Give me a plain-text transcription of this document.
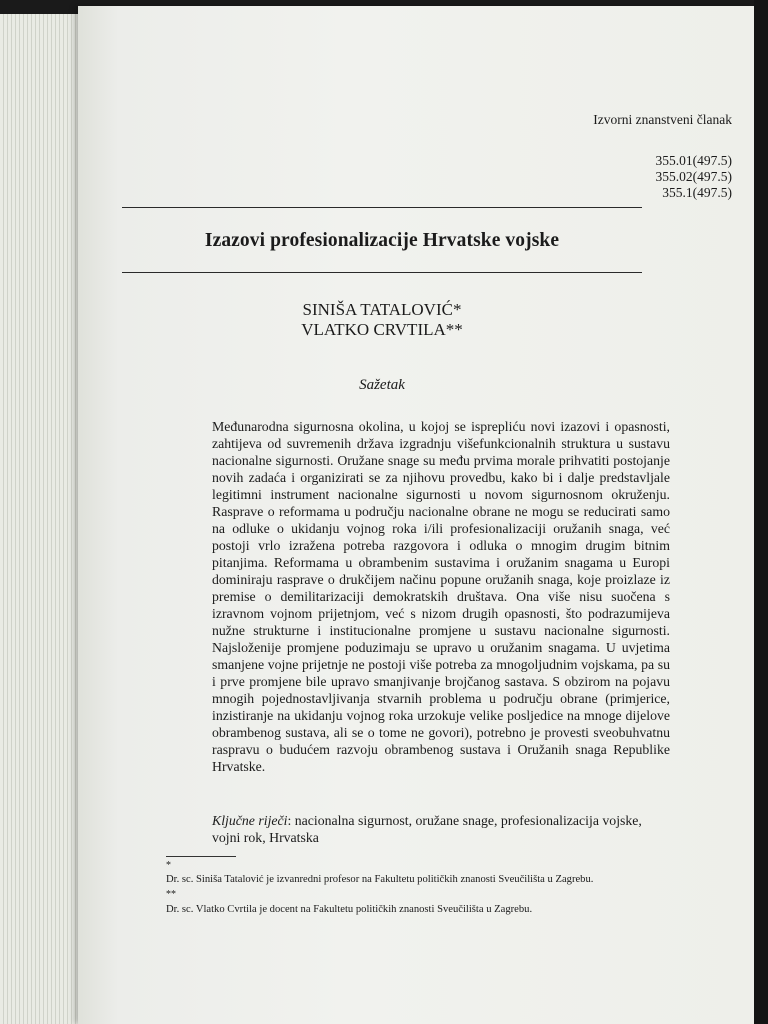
Izvorni znanstveni članak
355.01(497.5)
355.02(497.5)
355.1(497.5)
Izazovi profesionalizacije Hrvatske vojske
SINIŠA TATALOVIĆ*
VLATKO CRVTILA**
Sažetak

Međunarodna sigurnosna okolina, u kojoj se isprepliću novi izazovi i opasnosti, zahtijeva od suvremenih država izgradnju višefunkcionalnih struktura u sustavu nacionalne sigurnosti. Oružane snage su među prvima morale prihvatiti postojanje novih zadaća i organizirati se za njihovu provedbu, kako bi i dalje predstavljale legitimni instrument nacionalne sigurnosti u novom sigurnosnom okruženju. Rasprave o reformama u području nacionalne obrane ne mogu se reducirati samo na odluke o ukidanju vojnog roka i/ili profesionalizaciji oružanih snaga, već postoji vrlo izražena potreba razgovora i odluka o mnogim drugim bitnim pitanjima. Reformama u obrambenim sustavima i oružanim snagama u Europi dominiraju rasprave o drukčijem načinu popune oružanih snaga, koje proizlaze iz premise o demilitarizaciji demokratskih društava. Ona više nisu suočena s izravnom vojnom prijetnjom, već s nizom drugih opasnosti, što podrazumijeva nužne strukturne i institucionalne promjene u sustavu nacionalne sigurnosti. Najsloženije promjene poduzimaju se upravo u oružanim snagama. U uvjetima smanjene vojne prijetnje ne postoji više potreba za mnogoljudnim vojskama, pa su i prve promjene bile upravo smanjivanje brojčanog sastava. S obzirom na pojavu mnogih pojednostavljivanja stvarnih problema u području obrane (primjerice, inzistiranje na ukidanju vojnog roka urzokuje velike posljedice na mnoge dijelove obrambenog sustava, ali se o tome ne govori), potrebno je provesti sveobuhvatnu raspravu o budućem razvoju obrambenog sustava i Oružanih snaga Republike Hrvatske.

Ključne riječi: nacionalna sigurnost, oružane snage, profesionalizacija vojske, vojni rok, Hrvatska

*
Dr. sc. Siniša Tatalović je izvanredni profesor na Fakultetu političkih znanosti Sveučilišta u Zagrebu.
**
Dr. sc. Vlatko Cvrtila je docent na Fakultetu političkih znanosti Sveučilišta u Zagrebu.
